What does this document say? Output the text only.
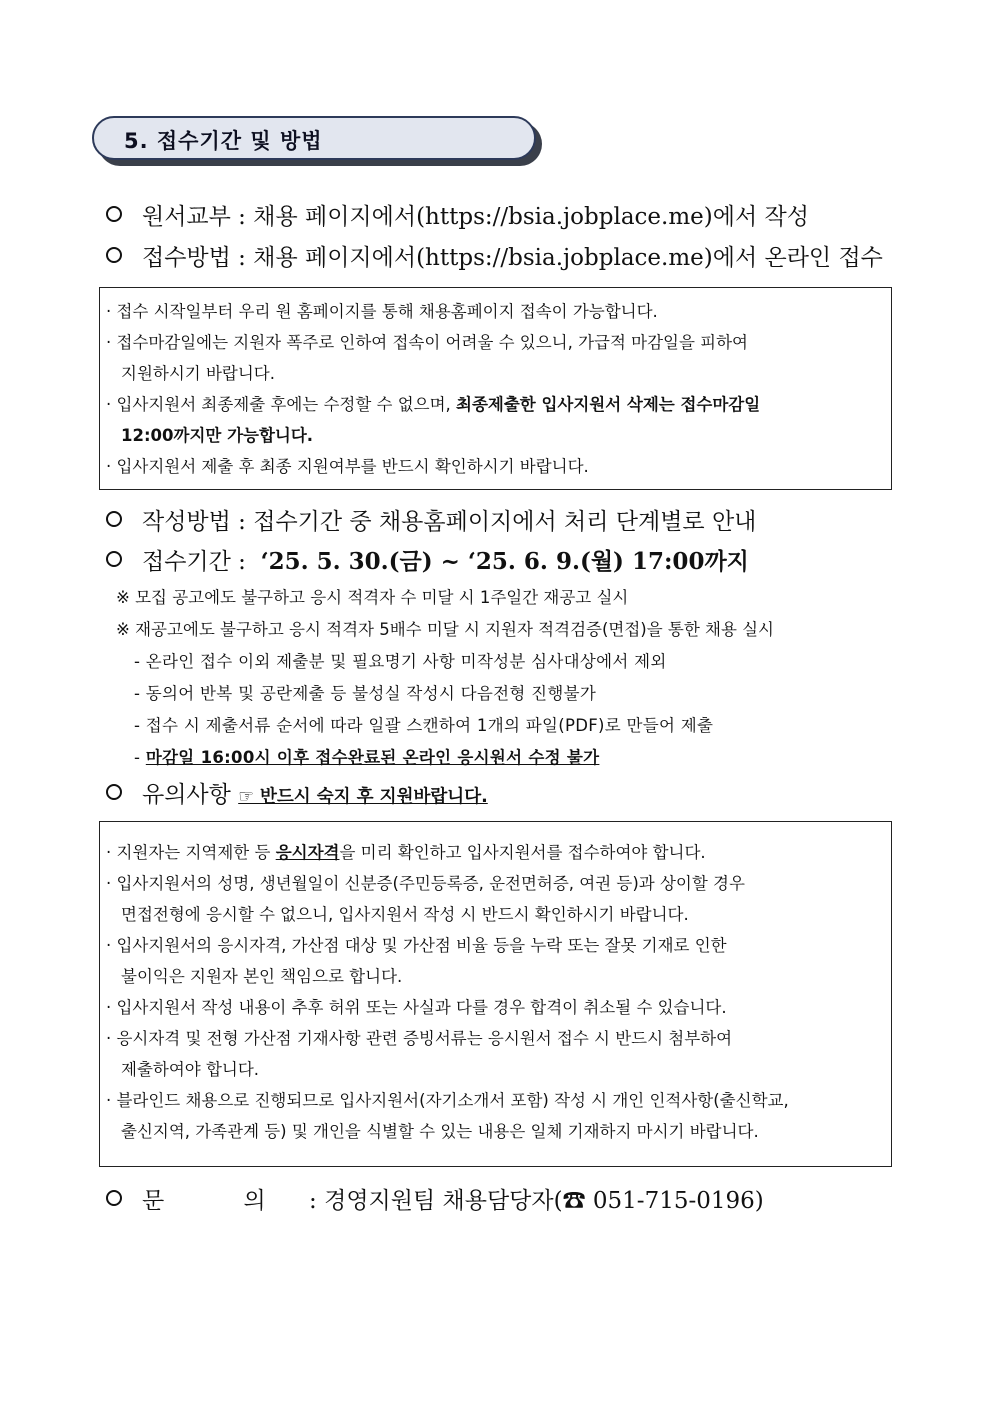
5. 접수기간 및 방법
원서교부 : 채용 페이지에서(https://bsia.jobplace.me)에서 작성
접수방법 : 채용 페이지에서(https://bsia.jobplace.me)에서 온라인 접수

· 접수 시작일부터 우리 원 홈페이지를 통해 채용홈페이지 접속이 가능합니다.

· 접수마감일에는 지원자 폭주로 인하여 접속이 어려울 수 있으니, 가급적 마감일을 피하여

지원하시기 바랍니다.

· 입사지원서 최종제출 후에는 수정할 수 없으며, 최종제출한 입사지원서 삭제는 접수마감일

12:00까지만 가능합니다.

· 입사지원서 제출 후 최종 지원여부를 반드시 확인하시기 바랍니다.

작성방법 : 접수기간 중 채용홈페이지에서 처리 단계별로 안내
접수기간 :  ‘25. 5. 30.(금) ~ ‘25. 6. 9.(월) 17:00까지
※ 모집 공고에도 불구하고 응시 적격자 수 미달 시 1주일간 재공고 실시
※ 재공고에도 불구하고 응시 적격자 5배수 미달 시 지원자 적격검증(면접)을 통한 채용 실시
- 온라인 접수 이외 제출분 및 필요명기 사항 미작성분 심사대상에서 제외
- 동의어 반복 및 공란제출 등 불성실 작성시 다음전형 진행불가
- 접수 시 제출서류 순서에 따라 일괄 스캔하여 1개의 파일(PDF)로 만들어 제출
- 마감일 16:00시 이후 접수완료된 온라인 응시원서 수정 불가
유의사항 ☞ 반드시 숙지 후 지원바랍니다.

· 지원자는 지역제한 등 응시자격을 미리 확인하고 입사지원서를 접수하여야 합니다.

· 입사지원서의 성명, 생년월일이 신분증(주민등록증, 운전면허증, 여권 등)과 상이할 경우

면접전형에 응시할 수 없으니, 입사지원서 작성 시 반드시 확인하시기 바랍니다.

· 입사지원서의 응시자격, 가산점 대상 및 가산점 비율 등을 누락 또는 잘못 기재로 인한

불이익은 지원자 본인 책임으로 합니다.

· 입사지원서 작성 내용이 추후 허위 또는 사실과 다를 경우 합격이 취소될 수 있습니다.

· 응시자격 및 전형 가산점 기재사항 관련 증빙서류는 응시원서 접수 시 반드시 첨부하여

제출하여야 합니다.

· 블라인드 채용으로 진행되므로 입사지원서(자기소개서 포함) 작성 시 개인 인적사항(출신학교,

출신지역, 가족관계 등) 및 개인을 식별할 수 있는 내용은 일체 기재하지 마시기 바랍니다.

문 의 : 경영지원팀 채용담당자(☎ 051-715-0196)
